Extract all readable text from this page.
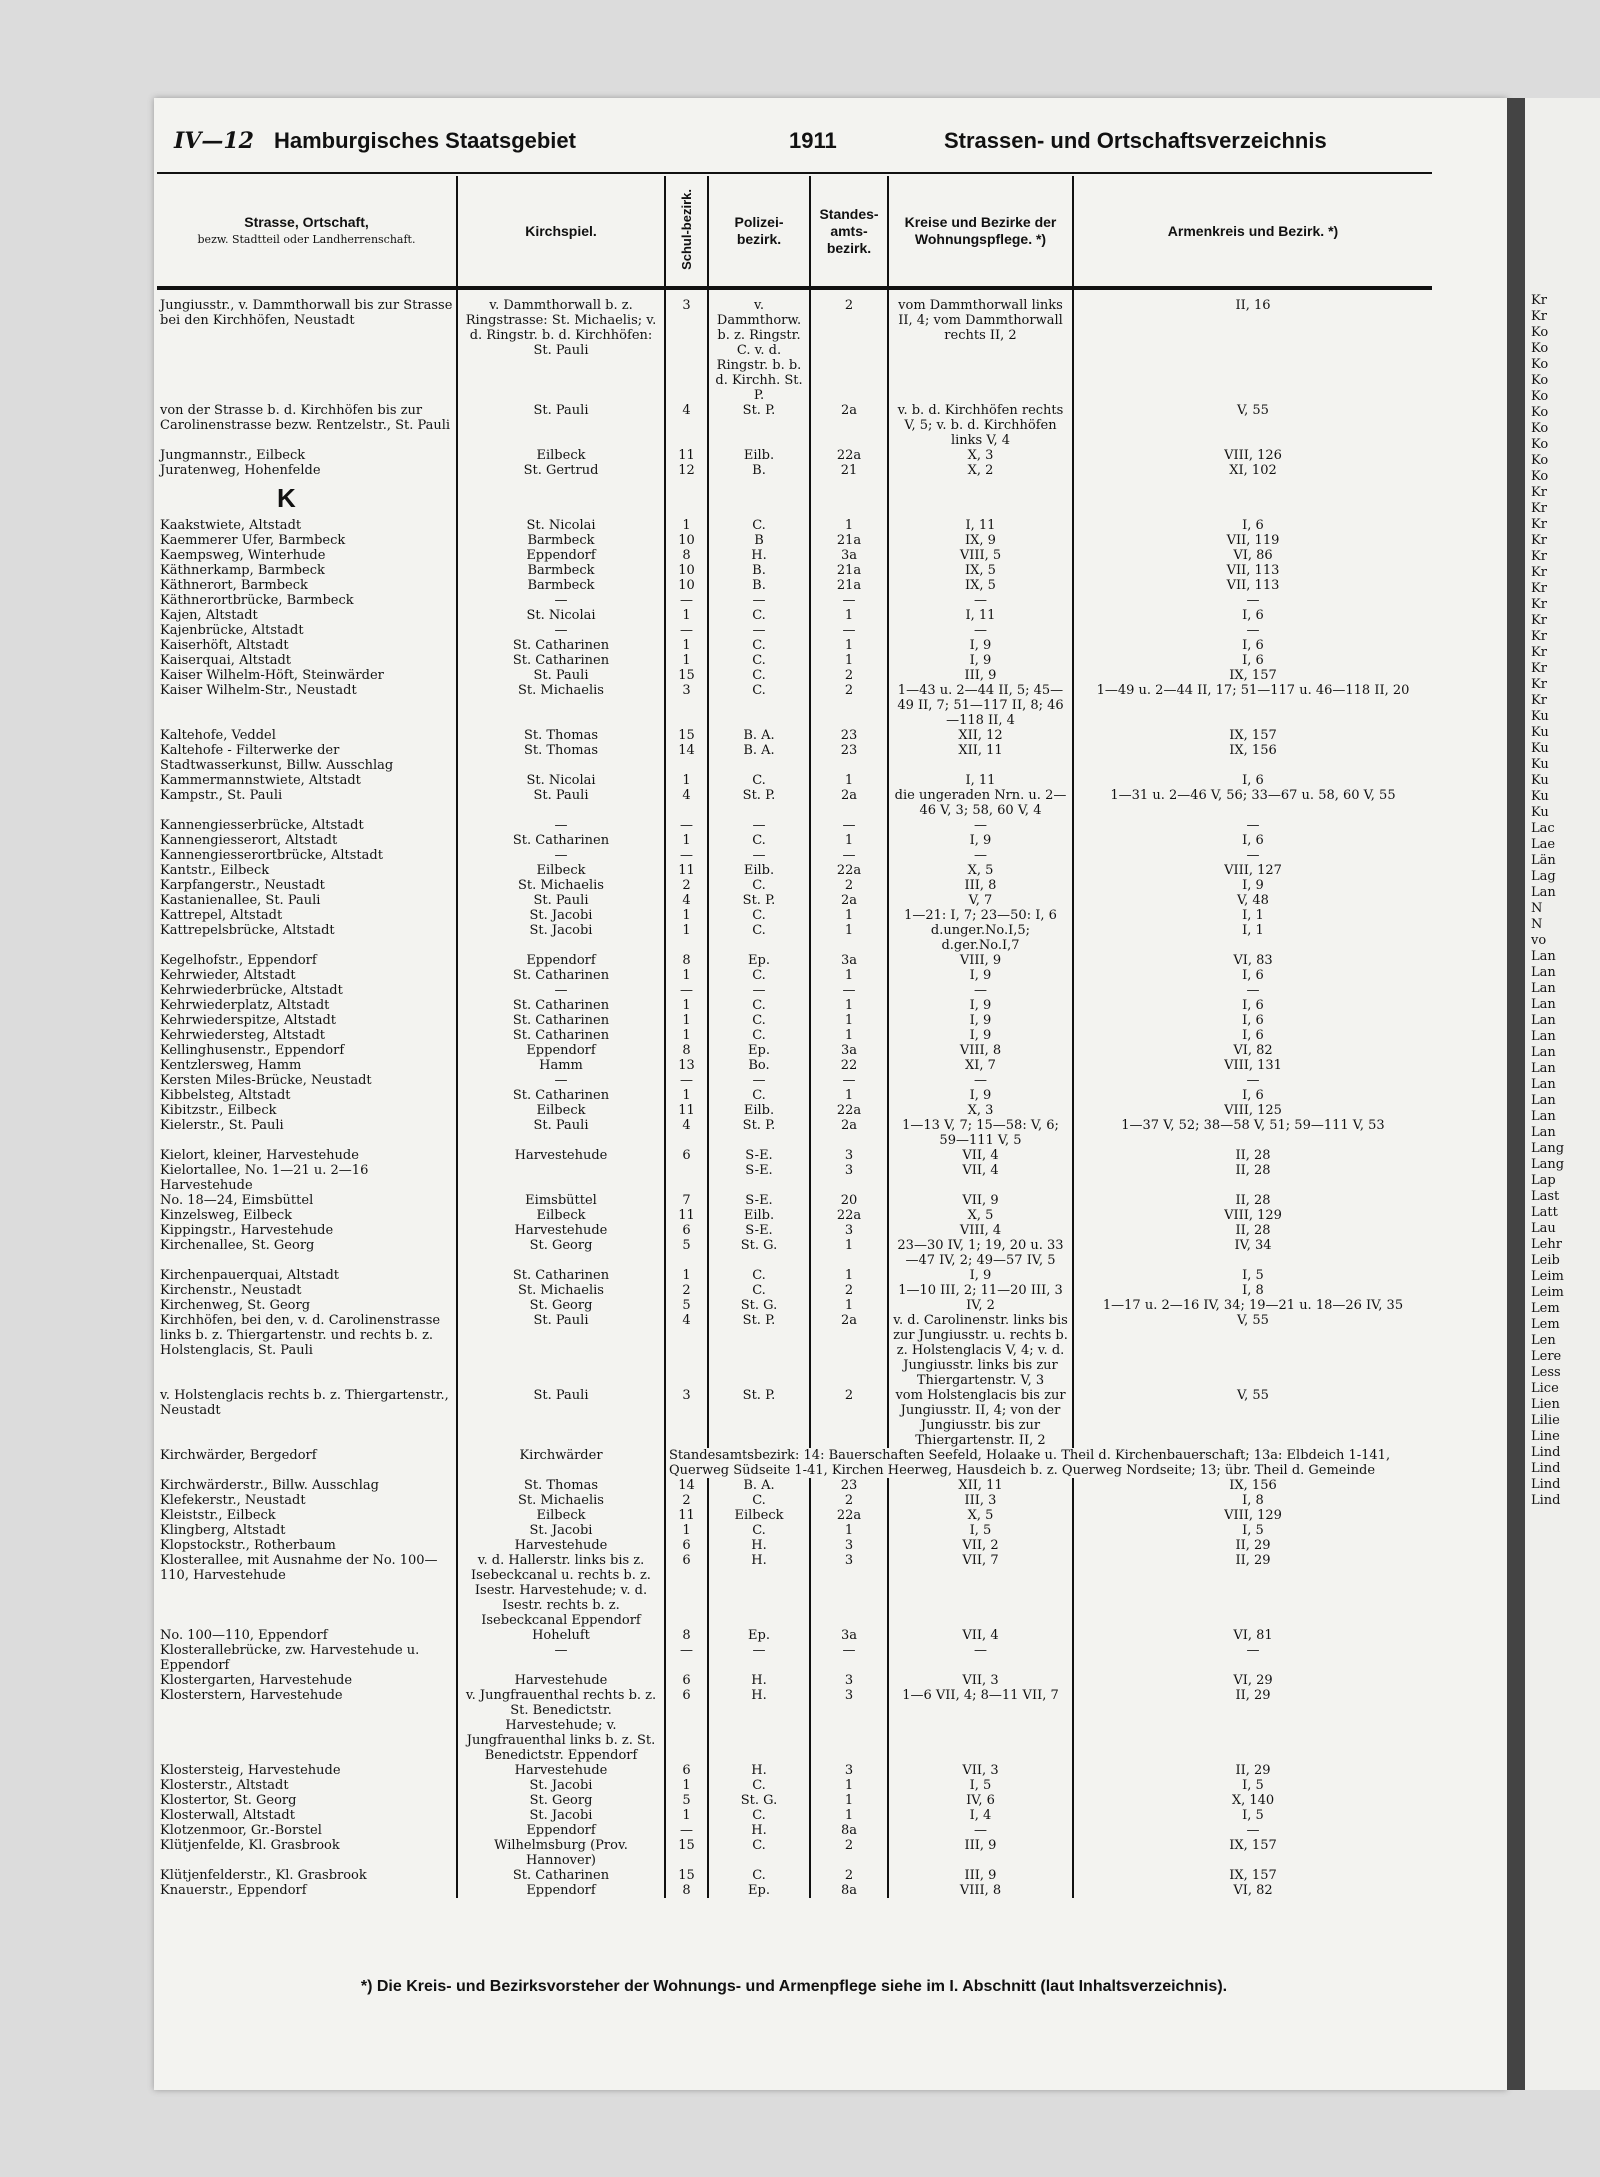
IV—12 Hamburgisches Staatsgebiet	1911	Strassen- und Ortschaftsverzeichnis
Strasse, Ortschaft,
bezw. Stadtteil oder Landherrenschaft.	Kirchspiel.	Schul-bezirk.	Polizei-bezirk.	Standes-amts-bezirk.	Kreise und Bezirke der Wohnungspflege. *)	Armenkreis und Bezirk. *)

Jungiusstr., v. Dammthorwall bis zur Strasse bei den Kirchhöfen, Neustadt	v. Dammthorwall b. z. Ringstrasse: St. Michaelis; v. d. Ringstr. b. d. Kirchhöfen: St. Pauli	3	v. Dammthorw. b. z. Ringstr. C. v. d. Ringstr. b. b. d. Kirchh. St. P.	2	vom Dammthorwall links II, 4; vom Dammthorwall rechts II, 2	II, 16
von der Strasse b. d. Kirchhöfen bis zur Carolinenstrasse bezw. Rentzelstr., St. Pauli	St. Pauli	4	St. P.	2a	v. b. d. Kirchhöfen rechts V, 5; v. b. d. Kirchhöfen links V, 4	V, 55
Jungmannstr., Eilbeck	Eilbeck	11	Eilb.	22a	X, 3	VIII, 126
Juratenweg, Hohenfelde	St. Gertrud	12	B.	21	X, 2	XI, 102
K						
Kaakstwiete, Altstadt	St. Nicolai	1	C.	1	I, 11	I, 6
Kaemmerer Ufer, Barmbeck	Barmbeck	10	B	21a	IX, 9	VII, 119
Kaempsweg, Winterhude	Eppendorf	8	H.	3a	VIII, 5	VI, 86
Käthnerkamp, Barmbeck	Barmbeck	10	B.	21a	IX, 5	VII, 113
Käthnerort, Barmbeck	Barmbeck	10	B.	21a	IX, 5	VII, 113
Käthnerortbrücke, Barmbeck	—	—	—	—	—	—
Kajen, Altstadt	St. Nicolai	1	C.	1	I, 11	I, 6
Kajenbrücke, Altstadt	—	—	—	—	—	—
Kaiserhöft, Altstadt	St. Catharinen	1	C.	1	I, 9	I, 6
Kaiserquai, Altstadt	St. Catharinen	1	C.	1	I, 9	I, 6
Kaiser Wilhelm-Höft, Steinwärder	St. Pauli	15	C.	2	III, 9	IX, 157
Kaiser Wilhelm-Str., Neustadt	St. Michaelis	3	C.	2	1—43 u. 2—44 II, 5; 45—49 II, 7; 51—117 II, 8; 46—118 II, 4	1—49 u. 2—44 II, 17; 51—117 u. 46—118 II, 20
Kaltehofe, Veddel	St. Thomas	15	B. A.	23	XII, 12	IX, 157
Kaltehofe - Filterwerke der Stadtwasserkunst, Billw. Ausschlag	St. Thomas	14	B. A.	23	XII, 11	IX, 156
Kammermannstwiete, Altstadt	St. Nicolai	1	C.	1	I, 11	I, 6
Kampstr., St. Pauli	St. Pauli	4	St. P.	2a	die ungeraden Nrn. u. 2—46 V, 3; 58, 60 V, 4	1—31 u. 2—46 V, 56; 33—67 u. 58, 60 V, 55
Kannengiesserbrücke, Altstadt	—	—	—	—	—	—
Kannengiesserort, Altstadt	St. Catharinen	1	C.	1	I, 9	I, 6
Kannengiesserortbrücke, Altstadt	—	—	—	—	—	—
Kantstr., Eilbeck	Eilbeck	11	Eilb.	22a	X, 5	VIII, 127
Karpfangerstr., Neustadt	St. Michaelis	2	C.	2	III, 8	I, 9
Kastanienallee, St. Pauli	St. Pauli	4	St. P.	2a	V, 7	V, 48
Kattrepel, Altstadt	St. Jacobi	1	C.	1	1—21: I, 7; 23—50: I, 6	I, 1
Kattrepelsbrücke, Altstadt	St. Jacobi	1	C.	1	d.unger.No.I,5; d.ger.No.I,7	I, 1
Kegelhofstr., Eppendorf	Eppendorf	8	Ep.	3a	VIII, 9	VI, 83
Kehrwieder, Altstadt	St. Catharinen	1	C.	1	I, 9	I, 6
Kehrwiederbrücke, Altstadt	—	—	—	—	—	—
Kehrwiederplatz, Altstadt	St. Catharinen	1	C.	1	I, 9	I, 6
Kehrwiederspitze, Altstadt	St. Catharinen	1	C.	1	I, 9	I, 6
Kehrwiedersteg, Altstadt	St. Catharinen	1	C.	1	I, 9	I, 6
Kellinghusenstr., Eppendorf	Eppendorf	8	Ep.	3a	VIII, 8	VI, 82
Kentzlersweg, Hamm	Hamm	13	Bo.	22	XI, 7	VIII, 131
Kersten Miles-Brücke, Neustadt	—	—	—	—	—	—
Kibbelsteg, Altstadt	St. Catharinen	1	C.	1	I, 9	I, 6
Kibitzstr., Eilbeck	Eilbeck	11	Eilb.	22a	X, 3	VIII, 125
Kielerstr., St. Pauli	St. Pauli	4	St. P.	2a	1—13 V, 7; 15—58: V, 6; 59—111 V, 5	1—37 V, 52; 38—58 V, 51; 59—111 V, 53
Kielort, kleiner, Harvestehude	Harvestehude	6	S-E.	3	VII, 4	II, 28
Kielortallee, No. 1—21 u. 2—16 Harvestehude			S-E.	3	VII, 4	II, 28
No. 18—24, Eimsbüttel	Eimsbüttel	7	S-E.	20	VII, 9	II, 28
Kinzelsweg, Eilbeck	Eilbeck	11	Eilb.	22a	X, 5	VIII, 129
Kippingstr., Harvestehude	Harvestehude	6	S-E.	3	VIII, 4	II, 28
Kirchenallee, St. Georg	St. Georg	5	St. G.	1	23—30 IV, 1; 19, 20 u. 33—47 IV, 2; 49—57 IV, 5	IV, 34
Kirchenpauerquai, Altstadt	St. Catharinen	1	C.	1	I, 9	I, 5
Kirchenstr., Neustadt	St. Michaelis	2	C.	2	1—10 III, 2; 11—20 III, 3	I, 8
Kirchenweg, St. Georg	St. Georg	5	St. G.	1	IV, 2	1—17 u. 2—16 IV, 34; 19—21 u. 18—26 IV, 35
Kirchhöfen, bei den, v. d. Carolinenstrasse links b. z. Thiergartenstr. und rechts b. z. Holstenglacis, St. Pauli	St. Pauli	4	St. P.	2a	v. d. Carolinenstr. links bis zur Jungiusstr. u. rechts b. z. Holstenglacis V, 4; v. d. Jungiusstr. links bis zur Thiergartenstr. V, 3	V, 55
v. Holstenglacis rechts b. z. Thiergartenstr., Neustadt	St. Pauli	3	St. P.	2	vom Holstenglacis bis zur Jungiusstr. II, 4; von der Jungiusstr. bis zur Thiergartenstr. II, 2	V, 55
Kirchwärder, Bergedorf	Kirchwärder	Standesamtsbezirk: 14: Bauerschaften Seefeld, Holaake u. Theil d. Kirchenbauerschaft; 13a: Elbdeich 1-141, Querweg Südseite 1-41, Kirchen Heerweg, Hausdeich b. z. Querweg Nordseite; 13; übr. Theil d. Gemeinde				
Kirchwärderstr., Billw. Ausschlag	St. Thomas	14	B. A.	23	XII, 11	IX, 156
Klefekerstr., Neustadt	St. Michaelis	2	C.	2	III, 3	I, 8
Kleiststr., Eilbeck	Eilbeck	11	Eilbeck	22a	X, 5	VIII, 129
Klingberg, Altstadt	St. Jacobi	1	C.	1	I, 5	I, 5
Klopstockstr., Rotherbaum	Harvestehude	6	H.	3	VII, 2	II, 29
Klosterallee, mit Ausnahme der No. 100—110, Harvestehude	v. d. Hallerstr. links bis z. Isebeckcanal u. rechts b. z. Isestr. Harvestehude; v. d. Isestr. rechts b. z. Isebeckcanal Eppendorf	6	H.	3	VII, 7	II, 29
No. 100—110, Eppendorf	Hoheluft	8	Ep.	3a	VII, 4	VI, 81
Klosterallebrücke, zw. Harvestehude u. Eppendorf	—	—	—	—	—	—
Klostergarten, Harvestehude	Harvestehude	6	H.	3	VII, 3	VI, 29
Klosterstern, Harvestehude	v. Jungfrauenthal rechts b. z. St. Benedictstr. Harvestehude; v. Jungfrauenthal links b. z. St. Benedictstr. Eppendorf	6	H.	3	1—6 VII, 4; 8—11 VII, 7	II, 29
Klostersteig, Harvestehude	Harvestehude	6	H.	3	VII, 3	II, 29
Klosterstr., Altstadt	St. Jacobi	1	C.	1	I, 5	I, 5
Klostertor, St. Georg	St. Georg	5	St. G.	1	IV, 6	X, 140
Klosterwall, Altstadt	St. Jacobi	1	C.	1	I, 4	I, 5
Klotzenmoor, Gr.-Borstel	Eppendorf	—	H.	8a	—	—
Klütjenfelde, Kl. Grasbrook	Wilhelmsburg (Prov. Hannover)	15	C.	2	III, 9	IX, 157
Klütjenfelderstr., Kl. Grasbrook	St. Catharinen	15	C.	2	III, 9	IX, 157
Knauerstr., Eppendorf	Eppendorf	8	Ep.	8a	VIII, 8	VI, 82
*) Die Kreis- und Bezirksvorsteher der Wohnungs- und Armenpflege siehe im I. Abschnitt (laut Inhaltsverzeichnis).
Kr
Kr
Ko
Ko
Ko
Ko
Ko
Ko
Ko
Ko
Ko
Ko
Kr
Kr
Kr
Kr
Kr
Kr
Kr
Kr
Kr
Kr
Kr
Kr
Kr
Kr
Ku
Ku
Ku
Ku
Ku
Ku
Ku
Lac
Lae
Län
Lag
Lan
N
N
vo
Lan
Lan
Lan
Lan
Lan
Lan
Lan
Lan
Lan
Lan
Lan
Lan
Lang
Lang
Lap
Last
Latt
Lau
Lehr
Leib
Leim
Leim
Lem
Lem
Len
Lere
Less
Lice
Lien
Lilie
Line
Lind
Lind
Lind
Lind
